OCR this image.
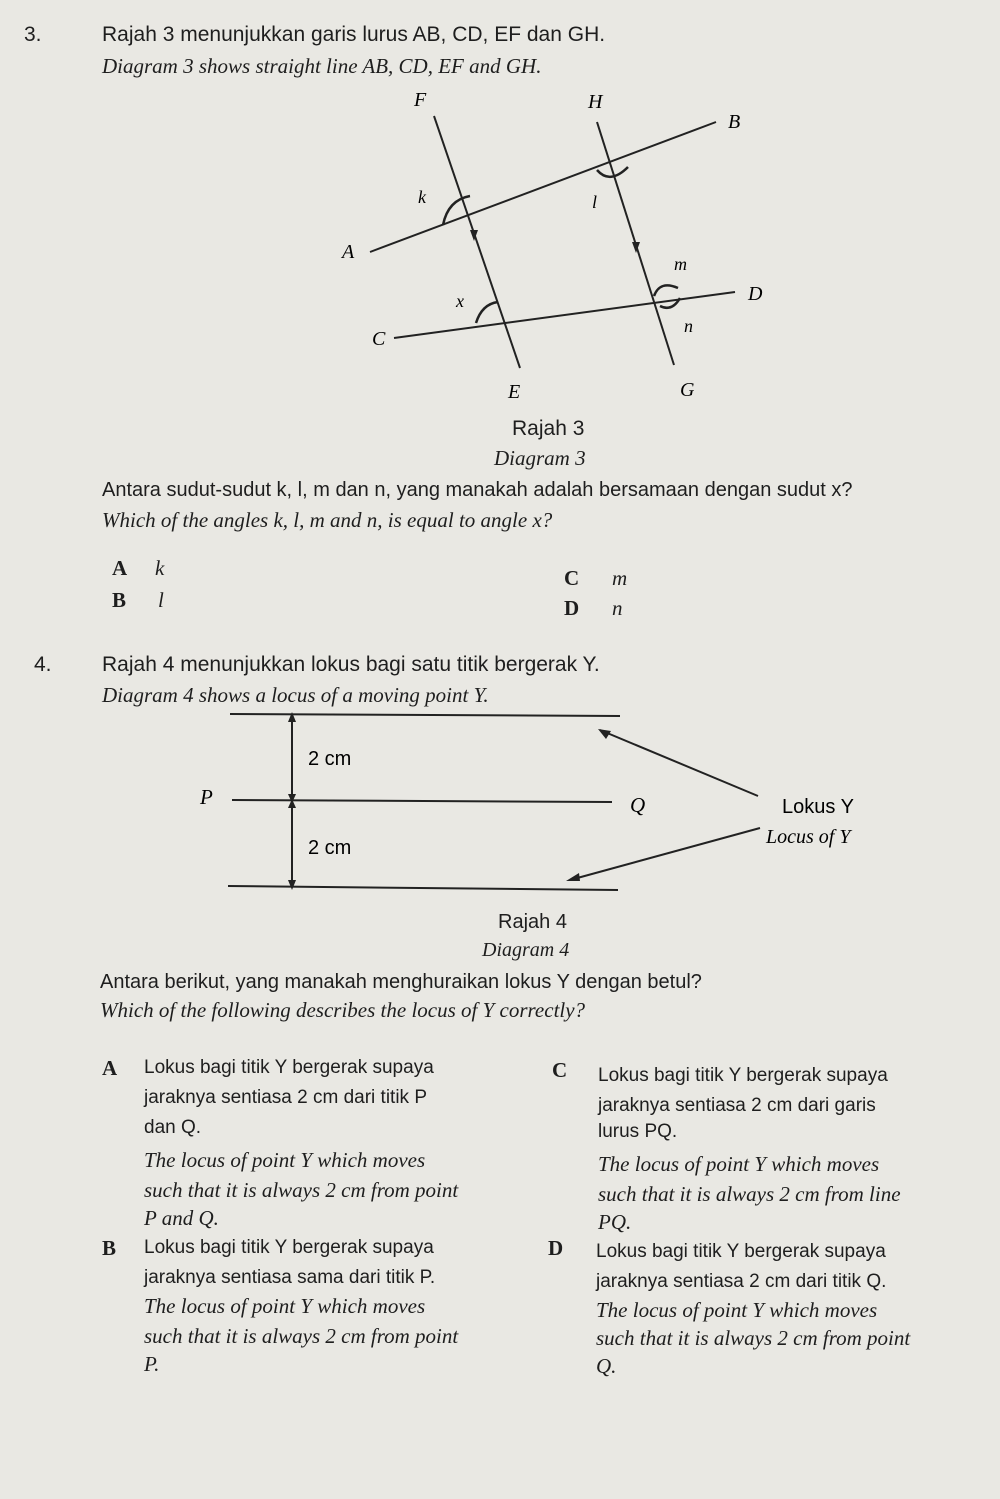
3.	Rajah 3 menunjukkan garis lurus AB, CD, EF dan GH.
Diagram 3 shows straight line AB, CD, EF and GH.
F	H
B
A
D
C
E	G
k	l
m
x
n
Rajah 3
Diagram 3
Antara sudut-sudut k, l, m dan n, yang manakah adalah bersamaan dengan sudut x?
Which of the angles k, l, m and n, is equal to angle x?
A k
B l
C m
D n
4. Rajah 4 menunjukkan lokus bagi satu titik bergerak Y.
Diagram 4 shows a locus of a moving point Y.
2 cm
2 cm
P	Q	Lokus Y
Locus of Y
Rajah 4
Diagram 4
Antara berikut, yang manakah menghuraikan lokus Y dengan betul?
Which of the following describes the locus of Y correctly?
A Lokus bagi titik Y bergerak supaya
jaraknya sentiasa 2 cm dari titik P
dan Q.
The locus of point Y which moves
such that it is always 2 cm from point
P and Q.
B Lokus bagi titik Y bergerak supaya
jaraknya sentiasa sama dari titik P.
The locus of point Y which moves
such that it is always 2 cm from point
P.
C Lokus bagi titik Y bergerak supaya
jaraknya sentiasa 2 cm dari garis
lurus PQ.
The locus of point Y which moves
such that it is always 2 cm from line
PQ.
D Lokus bagi titik Y bergerak supaya
jaraknya sentiasa 2 cm dari titik Q.
The locus of point Y which moves
such that it is always 2 cm from point
Q.
